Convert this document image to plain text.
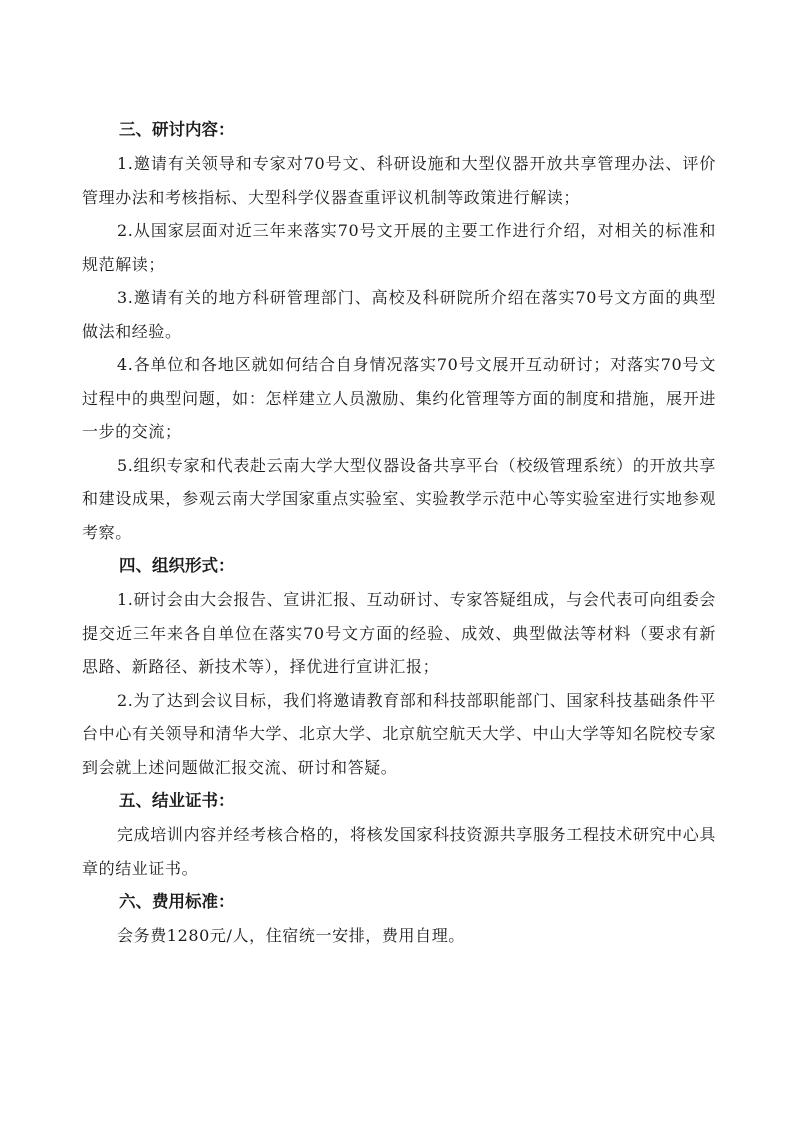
三、研讨内容：

1.邀请有关领导和专家对70号文、科研设施和大型仪器开放共享管理办法、评价管理办法和考核指标、大型科学仪器查重评议机制等政策进行解读；

2.从国家层面对近三年来落实70号文开展的主要工作进行介绍，对相关的标准和规范解读；

3.邀请有关的地方科研管理部门、高校及科研院所介绍在落实70号文方面的典型做法和经验。

4.各单位和各地区就如何结合自身情况落实70号文展开互动研讨；对落实70号文过程中的典型问题，如：怎样建立人员激励、集约化管理等方面的制度和措施，展开进一步的交流；

5.组织专家和代表赴云南大学大型仪器设备共享平台（校级管理系统）的开放共享和建设成果，参观云南大学国家重点实验室、实验教学示范中心等实验室进行实地参观考察。

四、组织形式：

1.研讨会由大会报告、宣讲汇报、互动研讨、专家答疑组成，与会代表可向组委会提交近三年来各自单位在落实70号文方面的经验、成效、典型做法等材料（要求有新思路、新路径、新技术等），择优进行宣讲汇报；

2.为了达到会议目标，我们将邀请教育部和科技部职能部门、国家科技基础条件平台中心有关领导和清华大学、北京大学、北京航空航天大学、中山大学等知名院校专家到会就上述问题做汇报交流、研讨和答疑。

五、结业证书：

完成培训内容并经考核合格的，将核发国家科技资源共享服务工程技术研究中心具章的结业证书。

六、费用标准：

会务费1280元/人，住宿统一安排，费用自理。
